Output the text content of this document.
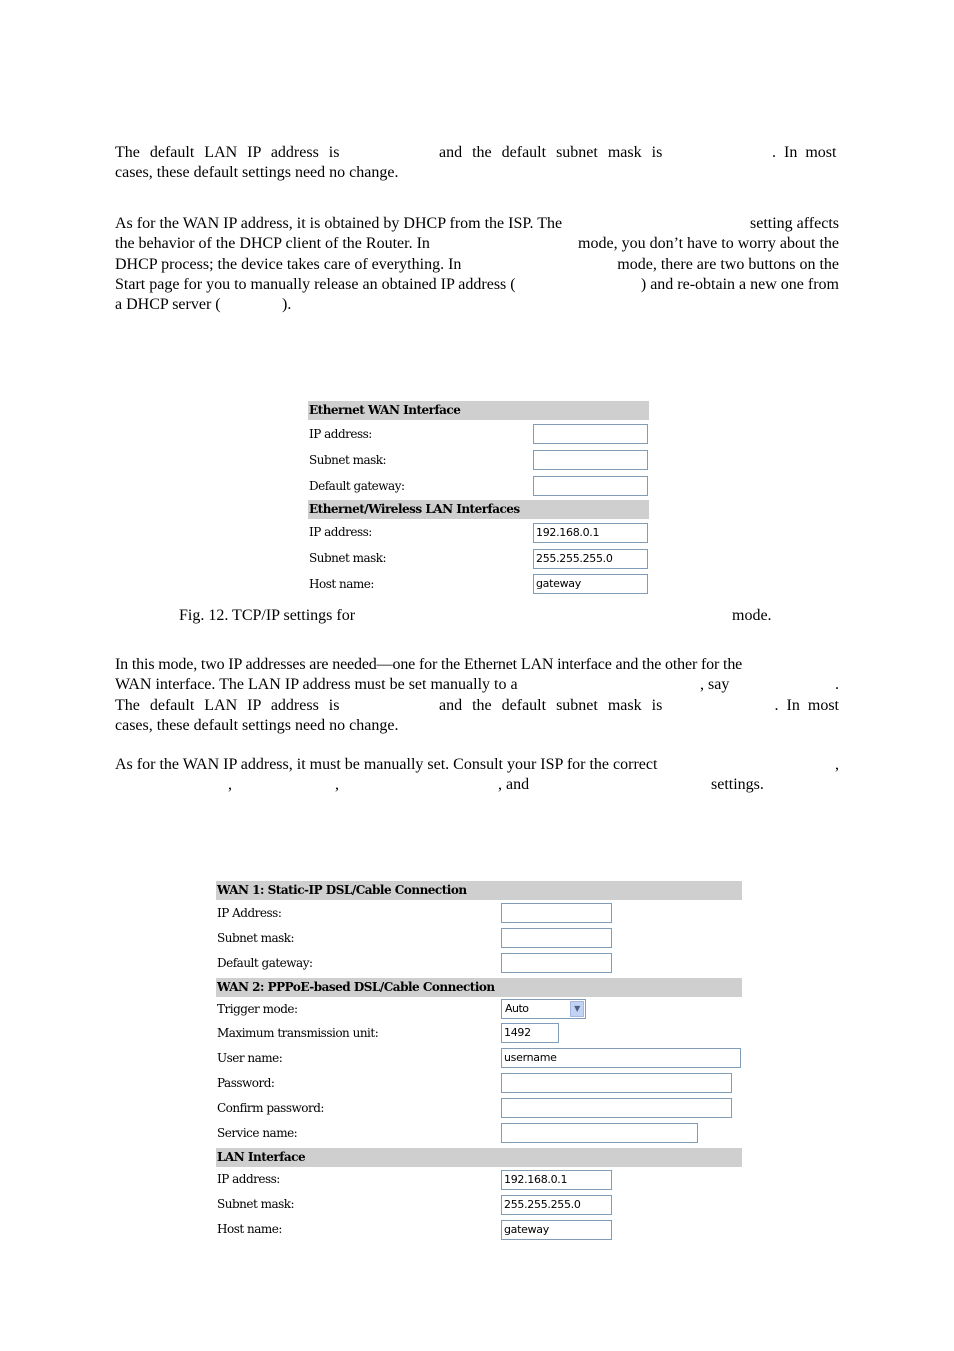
The default LAN IP address is	and the default subnet mask is	. In most
cases, these default settings need no change.
As for the WAN IP address, it is obtained by DHCP from the ISP. The	setting affects
the behavior of the DHCP client of the Router. In	mode, you don’t have to worry about the
DHCP process; the device takes care of everything. In	mode, there are two buttons on the
Start page for you to manually release an obtained IP address (	) and re-obtain a new one from
a DHCP server (	).
Ethernet WAN Interface
IP address:
Subnet mask:
Default gateway:
Ethernet/Wireless LAN Interfaces
IP address:	192.168.0.1
Subnet mask:	255.255.255.0
Host name:	gateway
Fig. 12. TCP/IP settings for	mode.
In this mode, two IP addresses are needed—one for the Ethernet LAN interface and the other for the
WAN interface. The LAN IP address must be set manually to a	, say	.
The default LAN IP address is	and the default subnet mask is	. In most
cases, these default settings need no change.
As for the WAN IP address, it must be manually set. Consult your ISP for the correct	,
,	,	, and	settings.
WAN 1: Static-IP DSL/Cable Connection
IP Address:
Subnet mask:
Default gateway:
WAN 2: PPPoE-based DSL/Cable Connection
Trigger mode:	Auto	▼
Maximum transmission unit:	1492
User name:	username
Password:
Confirm password:
Service name:
LAN Interface
IP address:	192.168.0.1
Subnet mask:	255.255.255.0
Host name:	gateway
